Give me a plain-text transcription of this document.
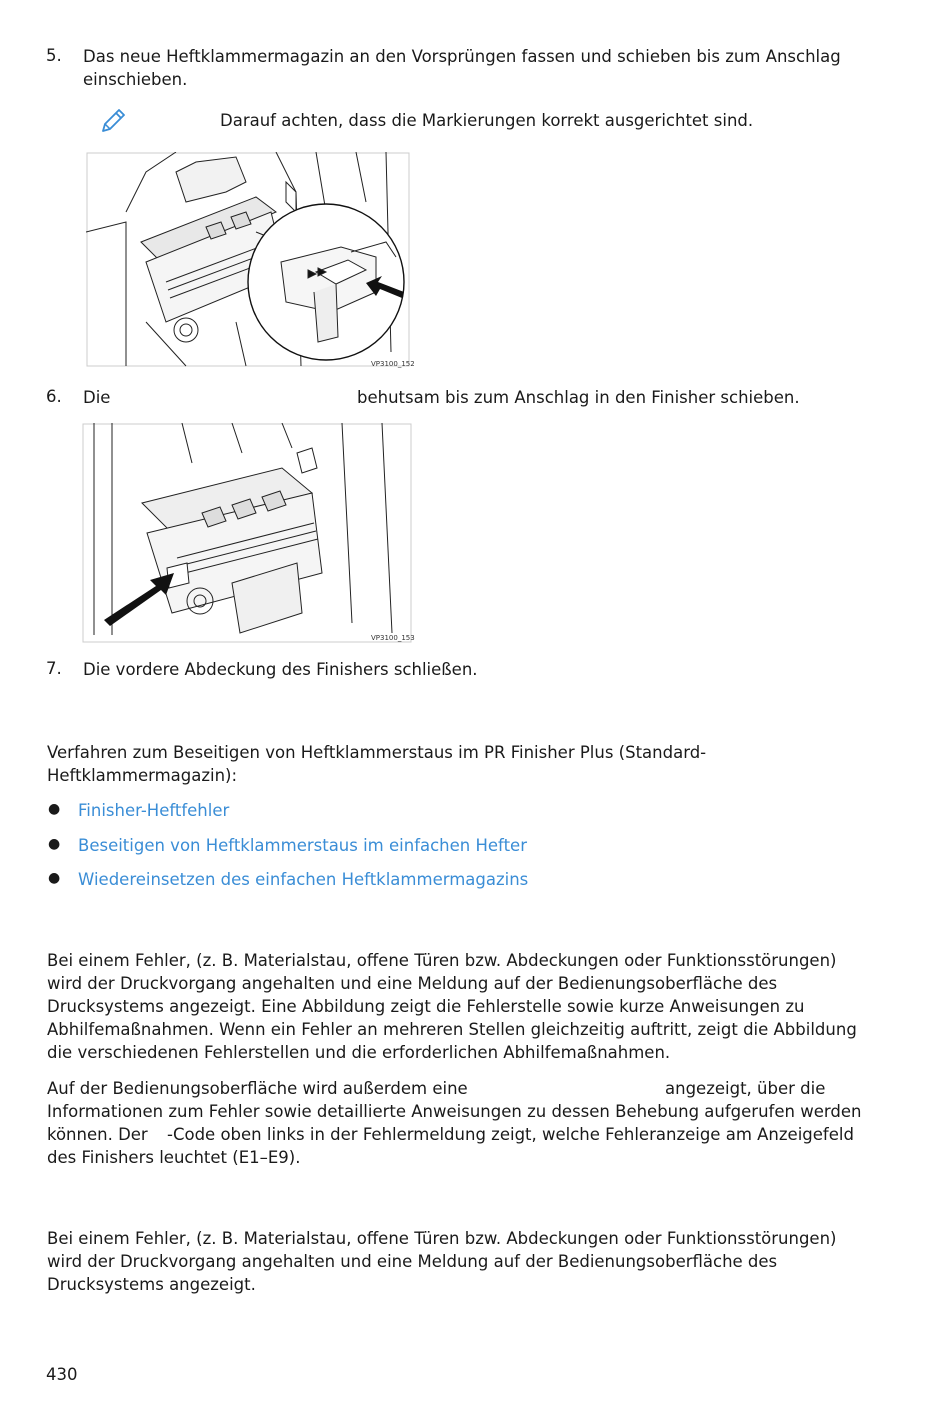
5.	Das neue Heftklammermagazin an den Vorsprüngen fassen und schieben bis zum Anschlag
einschieben.
Darauf achten, dass die Markierungen korrekt ausgerichtet sind.
VP3100_152
6.	Die	behutsam bis zum Anschlag in den Finisher schieben.
VP3100_153
7.	Die vordere Abdeckung des Finishers schließen.
Verfahren zum Beseitigen von Heftklammerstaus im PR Finisher Plus (Standard-
Heftklammermagazin):
● Finisher-Heftfehler
● Beseitigen von Heftklammerstaus im einfachen Hefter
● Wiedereinsetzen des einfachen Heftklammermagazins
Bei einem Fehler, (z. B. Materialstau, offene Türen bzw. Abdeckungen oder Funktionsstörungen)
wird der Druckvorgang angehalten und eine Meldung auf der Bedienungsoberfläche des
Drucksystems angezeigt. Eine Abbildung zeigt die Fehlerstelle sowie kurze Anweisungen zu
Abhilfemaßnahmen. Wenn ein Fehler an mehreren Stellen gleichzeitig auftritt, zeigt die Abbildung
die verschiedenen Fehlerstellen und die erforderlichen Abhilfemaßnahmen.
Auf der Bedienungsoberfläche wird außerdem eine	angezeigt, über die
Informationen zum Fehler sowie detaillierte Anweisungen zu dessen Behebung aufgerufen werden
können. Der -Code oben links in der Fehlermeldung zeigt, welche Fehleranzeige am Anzeigefeld
des Finishers leuchtet (E1–E9).
Bei einem Fehler, (z. B. Materialstau, offene Türen bzw. Abdeckungen oder Funktionsstörungen)
wird der Druckvorgang angehalten und eine Meldung auf der Bedienungsoberfläche des
Drucksystems angezeigt.
430
